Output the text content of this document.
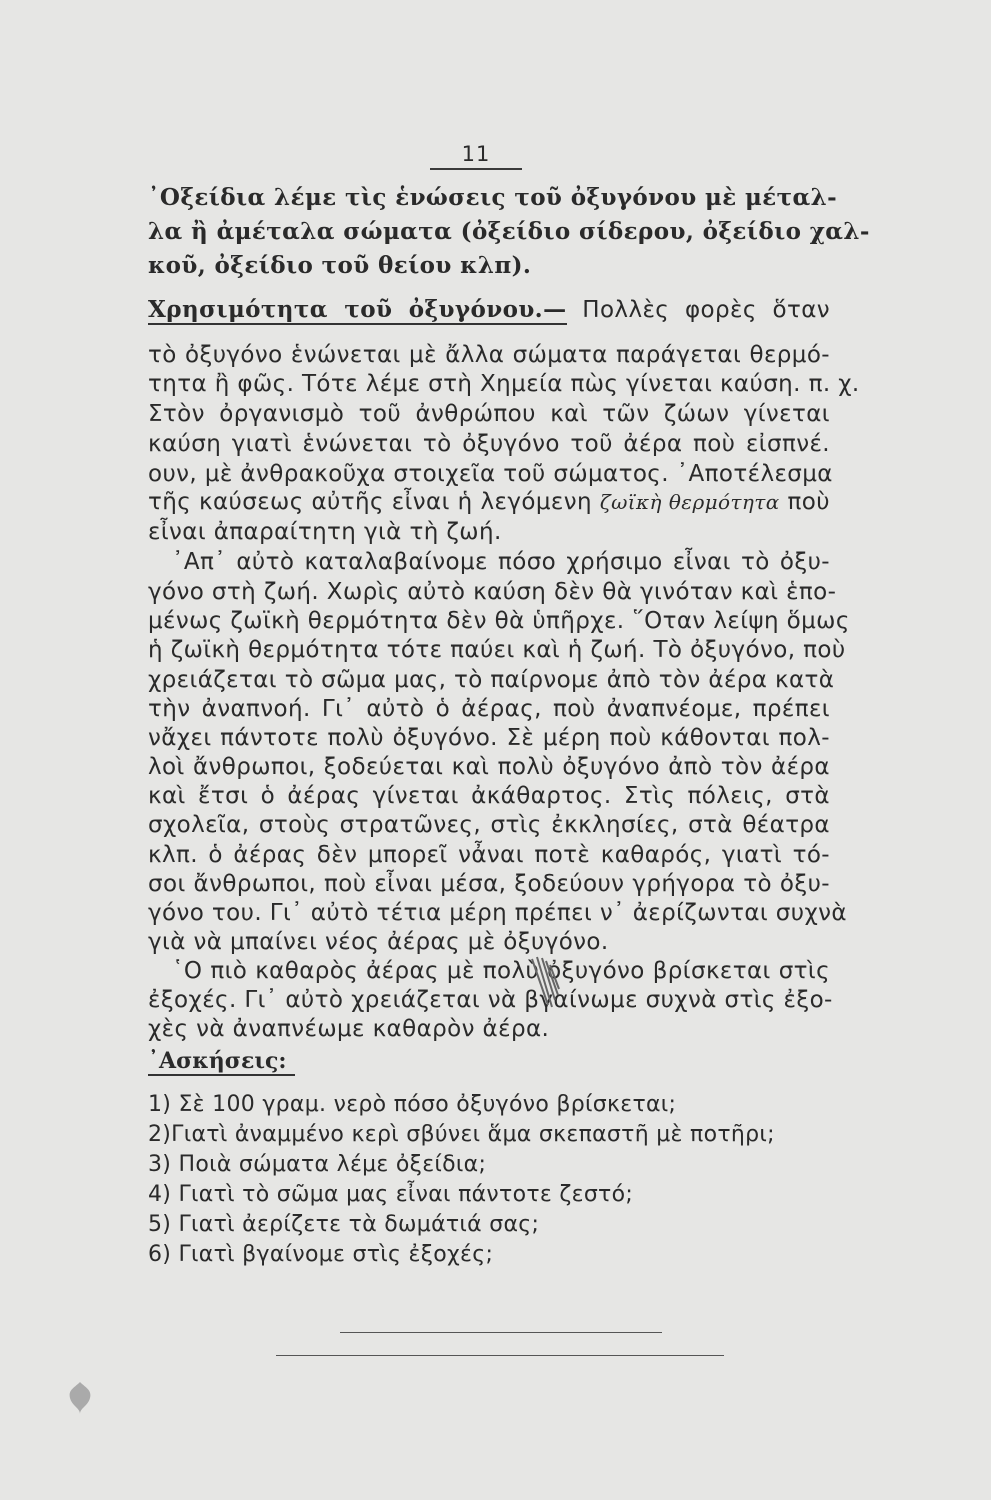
11
᾿Οξείδια λέμε τὶς ἑνώσεις τοῦ ὀξυγόνου μὲ μέταλ-
λα ἢ ἀμέταλα σώματα (ὀξείδιο σίδερου, ὀξείδιο χαλ-
κοῦ, ὀξείδιο τοῦ θείου κλπ).
Χρησιμότητα τοῦ ὀξυγόνου.— Πολλὲς φορὲς ὅταν
τὸ ὀξυγόνο ἑνώνεται μὲ ἄλλα σώματα παράγεται θερμό-
τητα ἢ φῶς. Τότε λέμε στὴ Χημεία πὼς γίνεται καύση. π. χ.
Στὸν ὀργανισμὸ τοῦ ἀνθρώπου καὶ τῶν ζώων γίνεται
καύση γιατὶ ἑνώνεται τὸ ὀξυγόνο τοῦ ἀέρα ποὺ εἰσπνέ.
ουν, μὲ ἀνθρακοῦχα στοιχεῖα τοῦ σώματος. ᾿Αποτέλεσμα
τῆς καύσεως αὐτῆς εἶναι ἡ λεγόμενη ζωϊκὴ θερμότητα ποὺ
εἶναι ἀπαραίτητη γιὰ τὴ ζωή.
᾿Απ᾿ αὐτὸ καταλαβαίνομε πόσο χρήσιμο εἶναι τὸ ὀξυ-
γόνο στὴ ζωή. Χωρὶς αὐτὸ καύση δὲν θὰ γινόταν καὶ ἑπο-
μένως ζωϊκὴ θερμότητα δὲν θὰ ὑπῆρχε. ῞Οταν λείψη ὅμως
ἡ ζωϊκὴ θερμότητα τότε παύει καὶ ἡ ζωή. Τὸ ὀξυγόνο, ποὺ
χρειάζεται τὸ σῶμα μας, τὸ παίρνομε ἀπὸ τὸν ἀέρα κατὰ
τὴν ἀναπνοή. Γι᾿ αὐτὸ ὁ ἀέρας, ποὺ ἀναπνέομε, πρέπει
νἄχει πάντοτε πολὺ ὀξυγόνο. Σὲ μέρη ποὺ κάθονται πολ-
λοὶ ἄνθρωποι, ξοδεύεται καὶ πολὺ ὀξυγόνο ἀπὸ τὸν ἀέρα
καὶ ἔτσι ὁ ἀέρας γίνεται ἀκάθαρτος. Στὶς πόλεις, στὰ
σχολεῖα, στοὺς στρατῶνες, στὶς ἐκκλησίες, στὰ θέατρα
κλπ. ὁ ἀέρας δὲν μπορεῖ νἆναι ποτὲ καθαρός, γιατὶ τό-
σοι ἄνθρωποι, ποὺ εἶναι μέσα, ξοδεύουν γρήγορα τὸ ὀξυ-
γόνο του. Γι᾿ αὐτὸ τέτια μέρη πρέπει ν᾿ ἀερίζωνται συχνὰ
γιὰ νὰ μπαίνει νέος ἀέρας μὲ ὀξυγόνο.
῾Ο πιὸ καθαρὸς ἀέρας μὲ πολὺ ὀξυγόνο βρίσκεται στὶς
ἐξοχές. Γι᾿ αὐτὸ χρειάζεται νὰ βγαίνωμε συχνὰ στὶς ἐξο-
χὲς νὰ ἀναπνέωμε καθαρὸν ἀέρα.
᾿Ασκήσεις:
1) Σὲ 100 γραμ. νερὸ πόσο ὀξυγόνο βρίσκεται;
2)Γιατὶ ἀναμμένο κερὶ σβύνει ἅμα σκεπαστῆ μὲ ποτῆρι;
3) Ποιὰ σώματα λέμε ὀξείδια;
4) Γιατὶ τὸ σῶμα μας εἶναι πάντοτε ζεστό;
5) Γιατὶ ἀερίζετε τὰ δωμάτιά σας;
6) Γιατὶ βγαίνομε στὶς ἐξοχές;
